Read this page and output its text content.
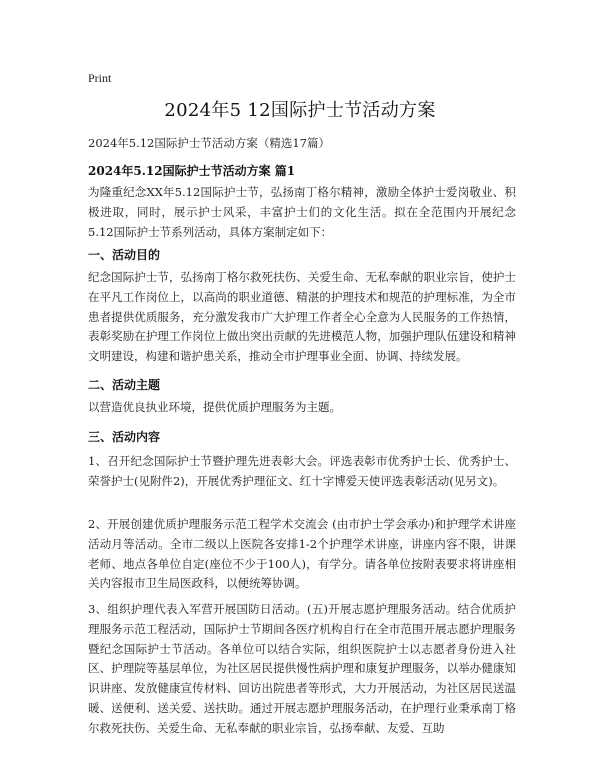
Print
2024年5 12国际护士节活动方案
2024年5.12国际护士节活动方案（精选17篇）
2024年5.12国际护士节活动方案 篇1
为隆重纪念XX年5.12国际护士节，弘扬南丁格尔精神，激励全体护士爱岗敬业、积极进取，同时，展示护士风采，丰富护士们的文化生活。拟在全范围内开展纪念5.12国际护士节系列活动，具体方案制定如下：
一、活动目的
纪念国际护士节，弘扬南丁格尔救死扶伤、关爱生命、无私奉献的职业宗旨，使护士在平凡工作岗位上，以高尚的职业道德、精湛的护理技术和规范的护理标准，为全市患者提供优质服务，充分激发我市广大护理工作者全心全意为人民服务的工作热情，表彰奖励在护理工作岗位上做出突出贡献的先进模范人物，加强护理队伍建设和精神文明建设，构建和谐护患关系，推动全市护理事业全面、协调、持续发展。
二、活动主题
以营造优良执业环境，提供优质护理服务为主题。
三、活动内容
1、召开纪念国际护士节暨护理先进表彰大会。评选表彰市优秀护士长、优秀护士、荣誉护士(见附件2)，开展优秀护理征文、红十字博爱天使评选表彰活动(见另文)。
2、开展创建优质护理服务示范工程学术交流会 (由市护士学会承办)和护理学术讲座活动月等活动。全市二级以上医院各安排1-2个护理学术讲座，讲座内容不限，讲课老师、地点各单位自定(座位不少于100人)，有学分。请各单位按附表要求将讲座相关内容报市卫生局医政科，以便统筹协调。
3、组织护理代表入军营开展国防日活动。(五)开展志愿护理服务活动。结合优质护理服务示范工程活动，国际护士节期间各医疗机构自行在全市范围开展志愿护理服务暨纪念国际护士节活动。各单位可以结合实际，组织医院护士以志愿者身份进入社区、护理院等基层单位，为社区居民提供慢性病护理和康复护理服务，以举办健康知识讲座、发放健康宣传材料、回访出院患者等形式，大力开展活动，为社区居民送温暖、送便利、送关爱、送扶助。通过开展志愿护理服务活动，在护理行业秉承南丁格尔救死扶伤、关爱生命、无私奉献的职业宗旨，弘扬奉献、友爱、互助
